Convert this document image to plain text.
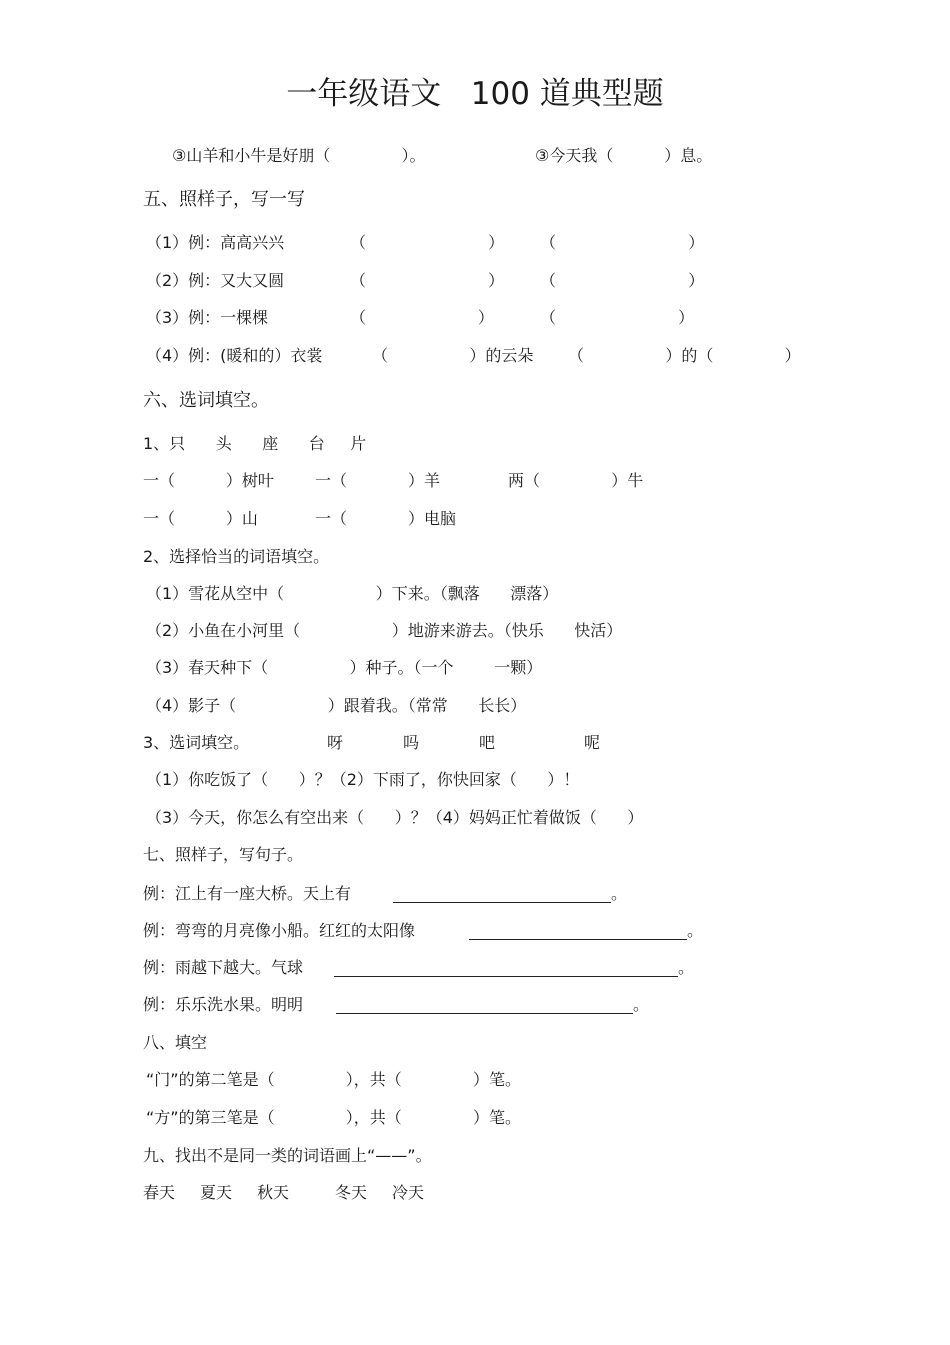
一年级语文   100 道典型题
③山羊和小牛是好朋（              ）。	③今天我（          ）息。
五、照样子，写一写
（1）例：高高兴兴	（                        ） （                          ）
（2）例：又大又圆	（                        ） （                          ）
（3）例：一棵棵	（                      ）	（                        ）
（4）例：(暖和的）衣裳	（                ）的云朵 （                ）的（              ）
六、选词填空。
1、只      头      座      台     片
一（          ）树叶	一（            ）羊	两（              ）牛
一（          ）山	一（            ）电脑
2、选择恰当的词语填空。
（1）雪花从空中（                  ）下来。（飘落      漂落）
（2）小鱼在小河里（                  ）地游来游去。（快乐      快活）
（3）春天种下（                ）种子。（一个        一颗）
（4）影子（                  ）跟着我。（常常      长长）
3、选词填空。	呀	吗	吧	呢
（1）你吃饭了（      ）？（2）下雨了，你快回家（      ）！
（3）今天，你怎么有空出来（      ）？（4）妈妈正忙着做饭（      ）
七、照样子，写句子。
例：江上有一座大桥。天上有	。
例：弯弯的月亮像小船。红红的太阳像	。
例：雨越下越大。气球	。
例：乐乐洗水果。明明	。
八、填空
“门”的第二笔是（              ），共（              ）笔。
“方”的第三笔是（              ），共（              ）笔。
九、找出不是同一类的词语画上“——”。
春天 夏天 秋天	冬天 冷天
